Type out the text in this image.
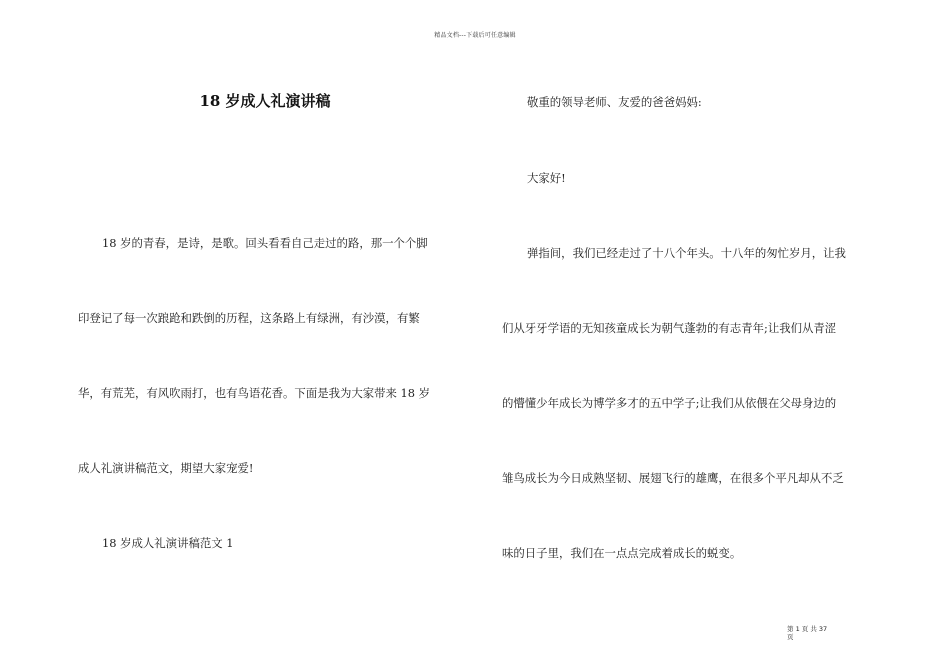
精品文档---下载后可任意编辑
18 岁成人礼演讲稿
18 岁的青春，是诗，是歌。回头看看自己走过的路，那一个个脚
印登记了每一次踉跄和跌倒的历程，这条路上有绿洲，有沙漠，有繁
华，有荒芜，有风吹雨打，也有鸟语花香。下面是我为大家带来 18 岁
成人礼演讲稿范文，期望大家宠爱!
18 岁成人礼演讲稿范文 1
敬重的领导老师、友爱的爸爸妈妈:
大家好!
弹指间，我们已经走过了十八个年头。十八年的匆忙岁月，让我
们从牙牙学语的无知孩童成长为朝气蓬勃的有志青年;让我们从青涩
的懵懂少年成长为博学多才的五中学子;让我们从依偎在父母身边的
雏鸟成长为今日成熟坚韧、展翅飞行的雄鹰，在很多个平凡却从不乏
味的日子里，我们在一点点完成着成长的蜕变。
第 1 页 共 37
页
